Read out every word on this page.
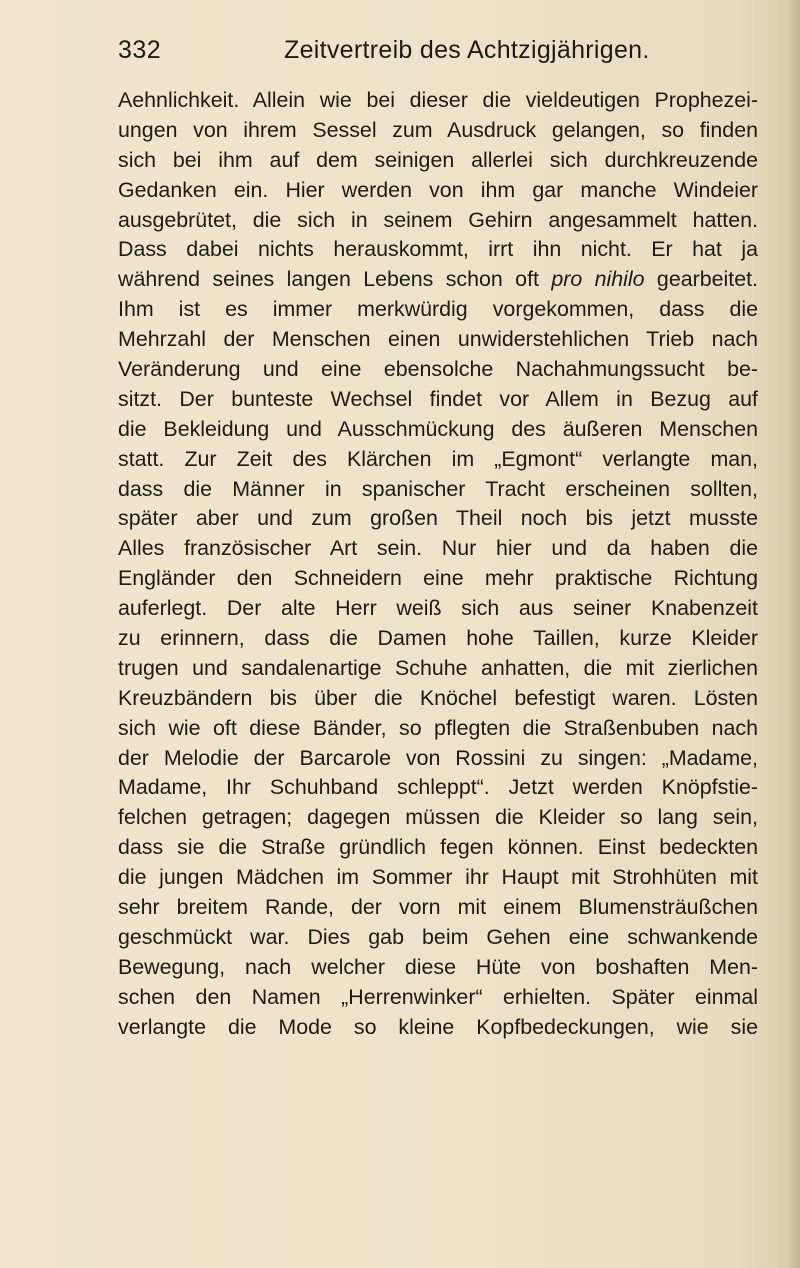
332	Zeitvertreib des Achtzigjährigen.
Aehnlichkeit. Allein wie bei dieser die vieldeutigen Prophezei-
ungen von ihrem Sessel zum Ausdruck gelangen, so finden
sich bei ihm auf dem seinigen allerlei sich durchkreuzende
Gedanken ein. Hier werden von ihm gar manche Windeier
ausgebrütet, die sich in seinem Gehirn angesammelt hatten.
Dass dabei nichts herauskommt, irrt ihn nicht. Er hat ja
während seines langen Lebens schon oft pro nihilo gearbeitet.
Ihm ist es immer merkwürdig vorgekommen, dass die
Mehrzahl der Menschen einen unwiderstehlichen Trieb nach
Veränderung und eine ebensolche Nachahmungssucht be-
sitzt. Der bunteste Wechsel findet vor Allem in Bezug auf
die Bekleidung und Ausschmückung des äußeren Menschen
statt. Zur Zeit des Klärchen im „Egmont“ verlangte man,
dass die Männer in spanischer Tracht erscheinen sollten,
später aber und zum großen Theil noch bis jetzt musste
Alles französischer Art sein. Nur hier und da haben die
Engländer den Schneidern eine mehr praktische Richtung
auferlegt. Der alte Herr weiß sich aus seiner Knabenzeit
zu erinnern, dass die Damen hohe Taillen, kurze Kleider
trugen und sandalenartige Schuhe anhatten, die mit zierlichen
Kreuzbändern bis über die Knöchel befestigt waren. Lösten
sich wie oft diese Bänder, so pflegten die Straßenbuben nach
der Melodie der Barcarole von Rossini zu singen: „Madame,
Madame, Ihr Schuhband schleppt“. Jetzt werden Knöpfstie-
felchen getragen; dagegen müssen die Kleider so lang sein,
dass sie die Straße gründlich fegen können. Einst bedeckten
die jungen Mädchen im Sommer ihr Haupt mit Strohhüten mit
sehr breitem Rande, der vorn mit einem Blumensträußchen
geschmückt war. Dies gab beim Gehen eine schwankende
Bewegung, nach welcher diese Hüte von boshaften Men-
schen den Namen „Herrenwinker“ erhielten. Später einmal
verlangte die Mode so kleine Kopfbedeckungen, wie sie
